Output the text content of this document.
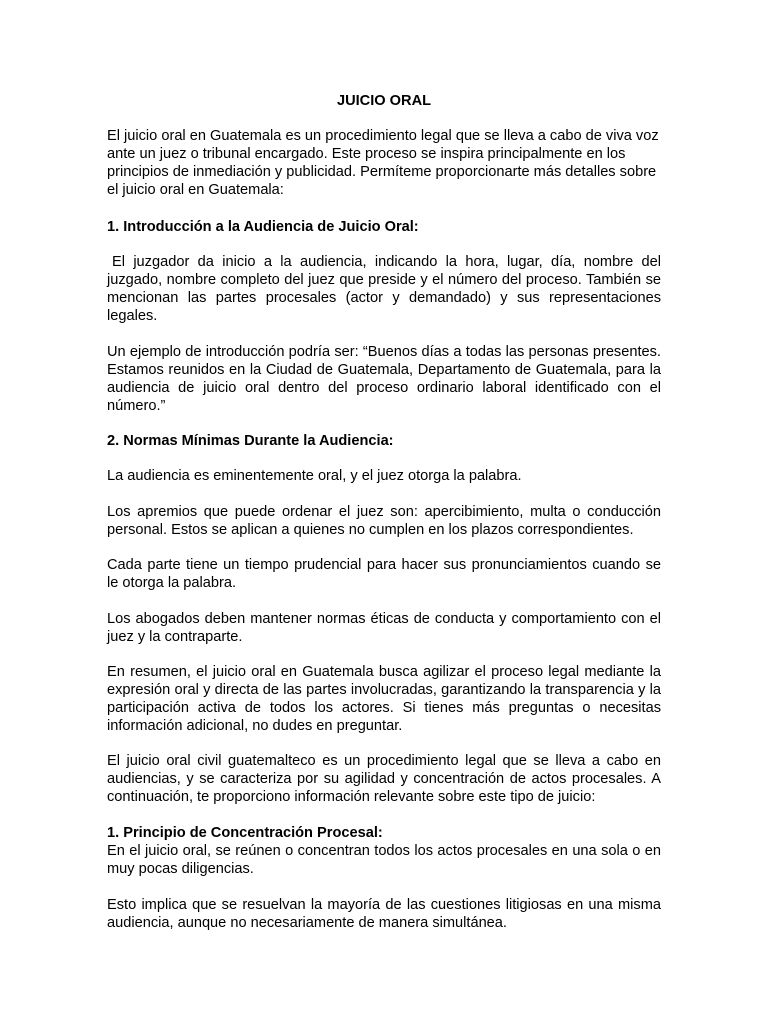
JUICIO ORAL

El juicio oral en Guatemala es un procedimiento legal que se lleva a cabo de viva voz ante un juez o tribunal encargado. Este proceso se inspira principalmente en los principios de inmediación y publicidad. Permíteme proporcionarte más detalles sobre el juicio oral en Guatemala:

1. Introducción a la Audiencia de Juicio Oral:

El juzgador da inicio a la audiencia, indicando la hora, lugar, día, nombre del juzgado, nombre completo del juez que preside y el número del proceso. También se mencionan las partes procesales (actor y demandado) y sus representaciones legales.

Un ejemplo de introducción podría ser: “Buenos días a todas las personas presentes. Estamos reunidos en la Ciudad de Guatemala, Departamento de Guatemala, para la audiencia de juicio oral dentro del proceso ordinario laboral identificado con el número.”

2. Normas Mínimas Durante la Audiencia:

La audiencia es eminentemente oral, y el juez otorga la palabra.

Los apremios que puede ordenar el juez son: apercibimiento, multa o conducción personal. Estos se aplican a quienes no cumplen en los plazos correspondientes.

Cada parte tiene un tiempo prudencial para hacer sus pronunciamientos cuando se le otorga la palabra.

Los abogados deben mantener normas éticas de conducta y comportamiento con el juez y la contraparte.

En resumen, el juicio oral en Guatemala busca agilizar el proceso legal mediante la expresión oral y directa de las partes involucradas, garantizando la transparencia y la participación activa de todos los actores. Si tienes más preguntas o necesitas información adicional, no dudes en preguntar.

El juicio oral civil guatemalteco es un procedimiento legal que se lleva a cabo en audiencias, y se caracteriza por su agilidad y concentración de actos procesales. A continuación, te proporciono información relevante sobre este tipo de juicio:

1. Principio de Concentración Procesal:

En el juicio oral, se reúnen o concentran todos los actos procesales en una sola o en muy pocas diligencias.

Esto implica que se resuelvan la mayoría de las cuestiones litigiosas en una misma audiencia, aunque no necesariamente de manera simultánea.
